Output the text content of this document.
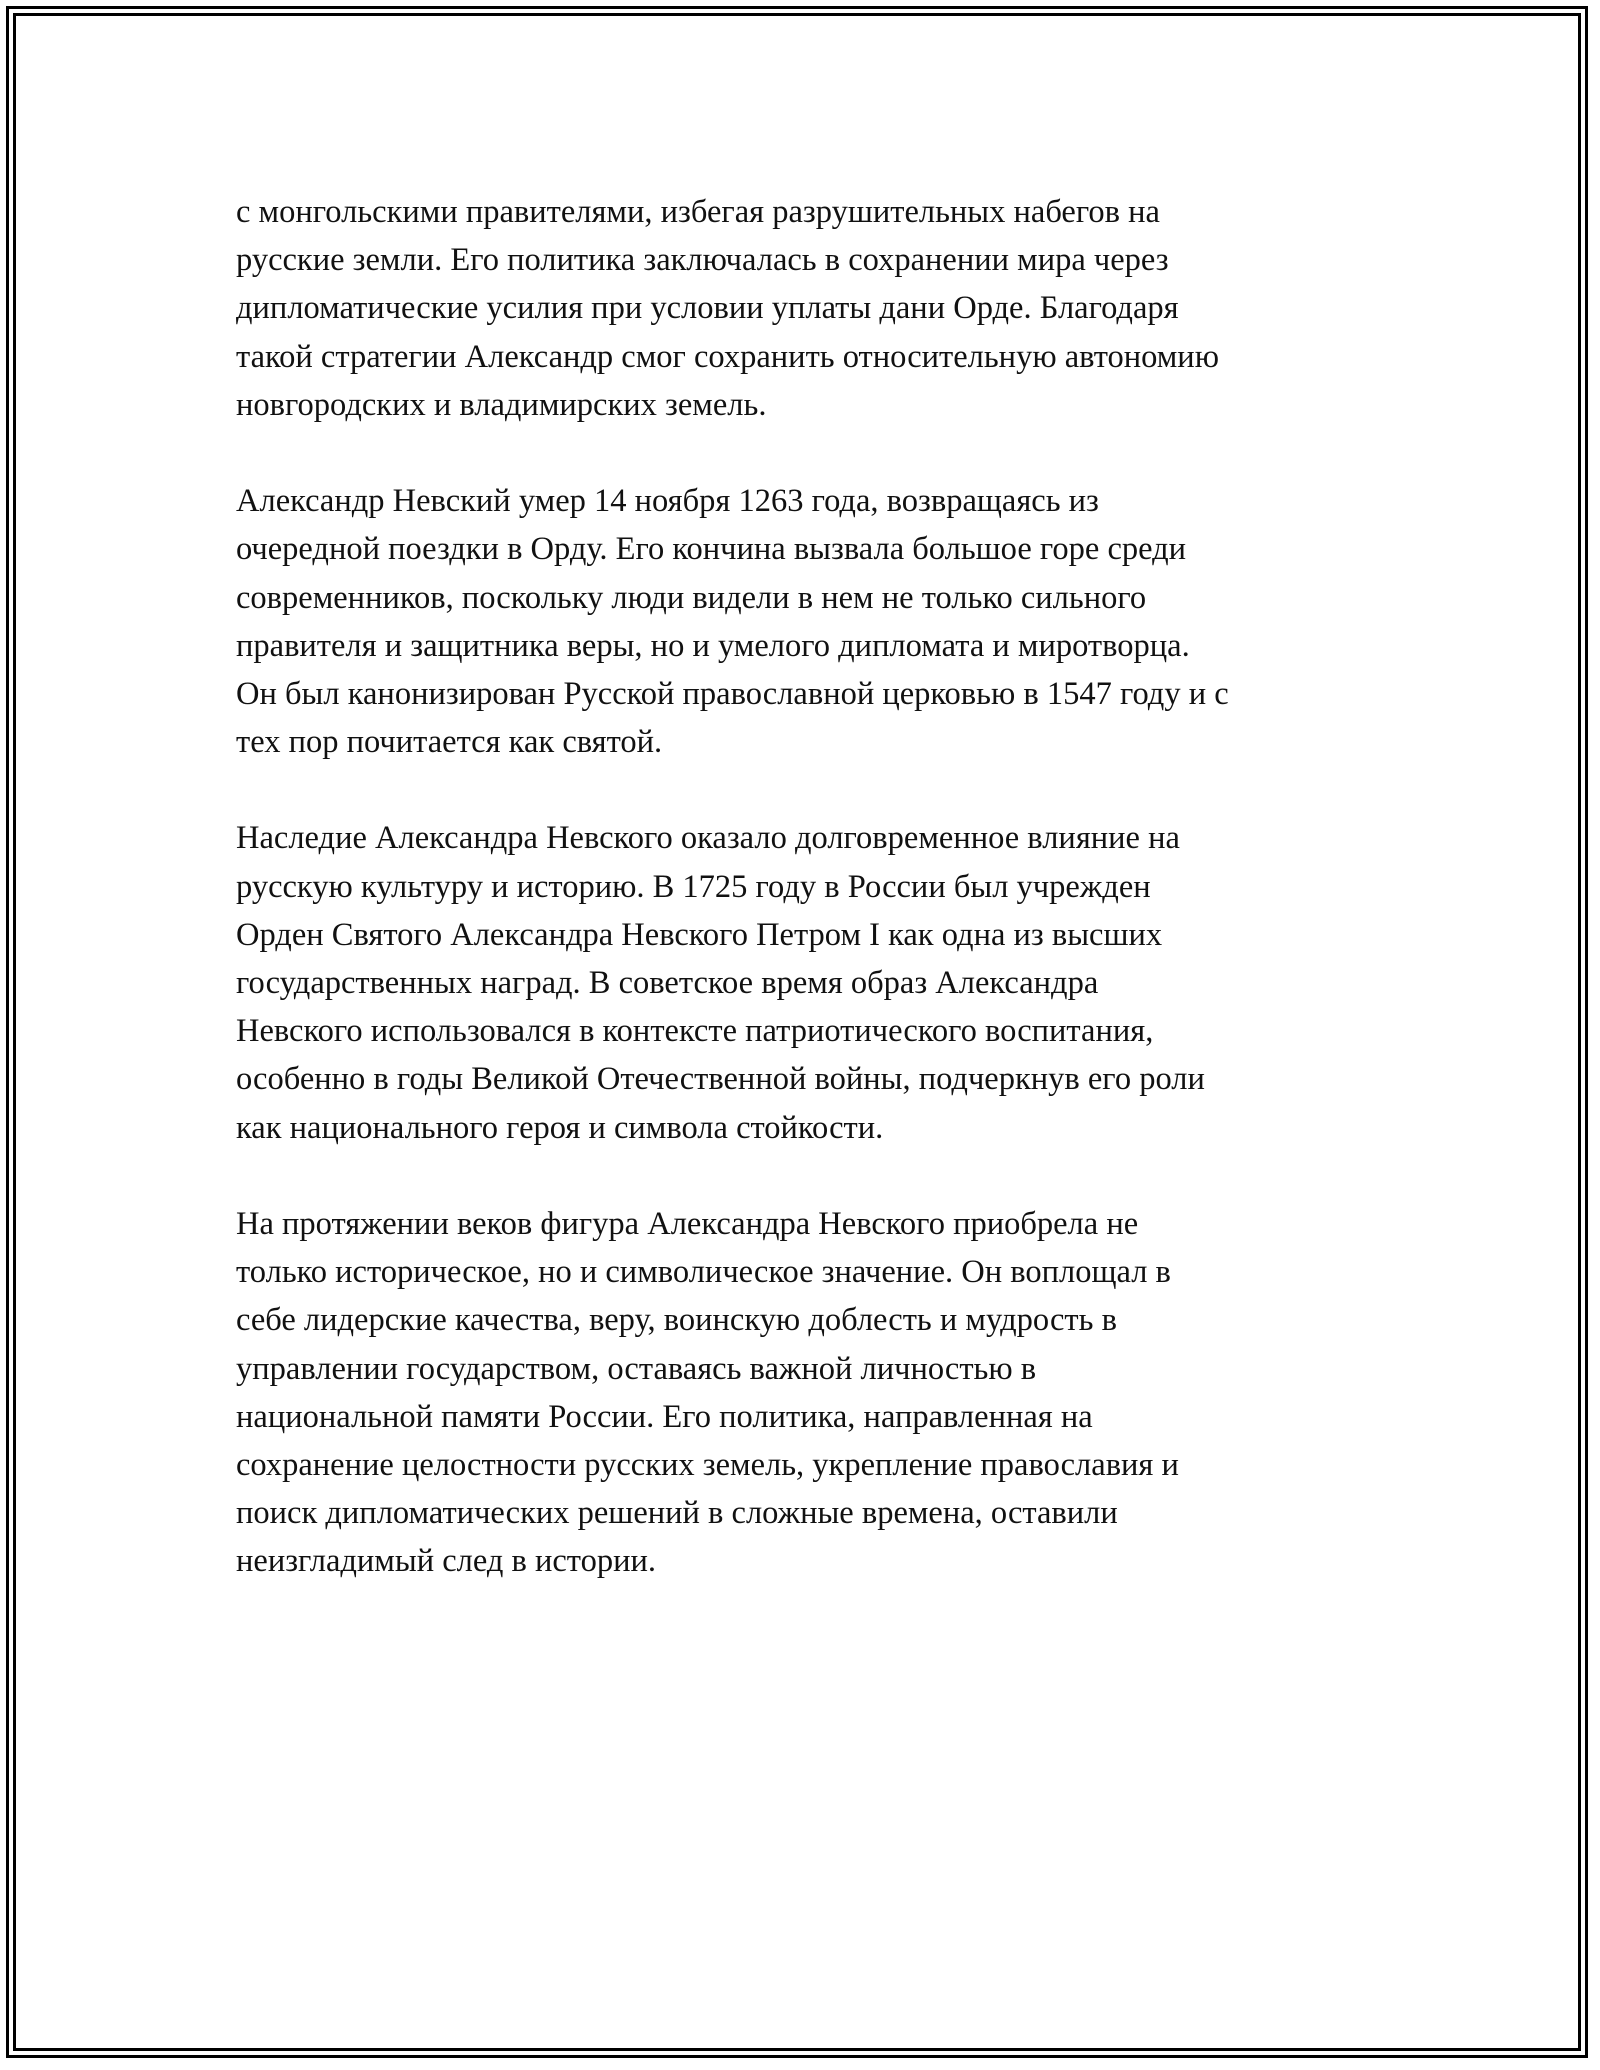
с монгольскими правителями, избегая разрушительных набегов на
русские земли. Его политика заключалась в сохранении мира через
дипломатические усилия при условии уплаты дани Орде. Благодаря
такой стратегии Александр смог сохранить относительную автономию
новгородских и владимирских земель.

Александр Невский умер 14 ноября 1263 года, возвращаясь из
очередной поездки в Орду. Его кончина вызвала большое горе среди
современников, поскольку люди видели в нем не только сильного
правителя и защитника веры, но и умелого дипломата и миротворца.
Он был канонизирован Русской православной церковью в 1547 году и с
тех пор почитается как святой.

Наследие Александра Невского оказало долговременное влияние на
русскую культуру и историю. В 1725 году в России был учрежден
Орден Святого Александра Невского Петром I как одна из высших
государственных наград. В советское время образ Александра
Невского использовался в контексте патриотического воспитания,
особенно в годы Великой Отечественной войны, подчеркнув его роли
как национального героя и символа стойкости.

На протяжении веков фигура Александра Невского приобрела не
только историческое, но и символическое значение. Он воплощал в
себе лидерские качества, веру, воинскую доблесть и мудрость в
управлении государством, оставаясь важной личностью в
национальной памяти России. Его политика, направленная на
сохранение целостности русских земель, укрепление православия и
поиск дипломатических решений в сложные времена, оставили
неизгладимый след в истории.
